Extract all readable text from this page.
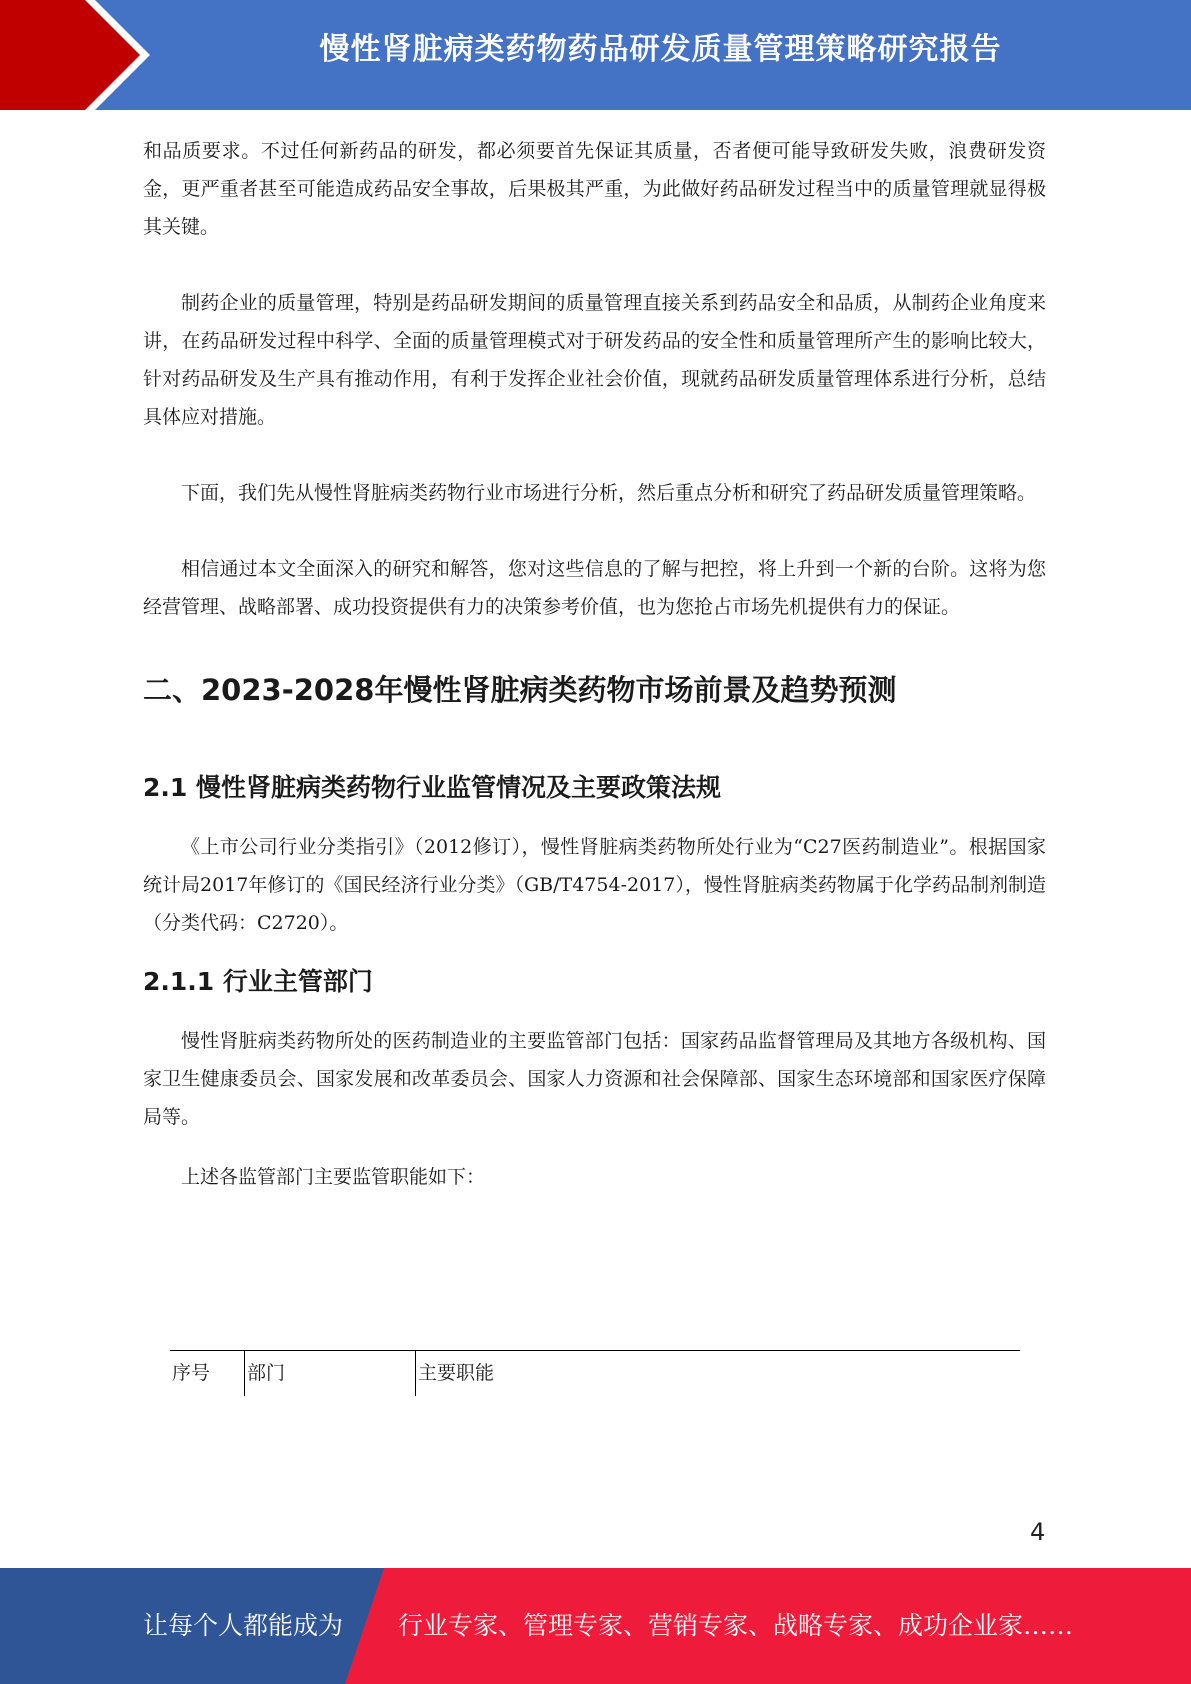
慢性肾脏病类药物药品研发质量管理策略研究报告

和品质要求。不过任何新药品的研发，都必须要首先保证其质量，否者便可能导致研发失败，浪费研发资金，更严重者甚至可能造成药品安全事故，后果极其严重，为此做好药品研发过程当中的质量管理就显得极其关键。

制药企业的质量管理，特别是药品研发期间的质量管理直接关系到药品安全和品质，从制药企业角度来讲，在药品研发过程中科学、全面的质量管理模式对于研发药品的安全性和质量管理所产生的影响比较大，针对药品研发及生产具有推动作用，有利于发挥企业社会价值，现就药品研发质量管理体系进行分析，总结具体应对措施。

下面，我们先从慢性肾脏病类药物行业市场进行分析，然后重点分析和研究了药品研发质量管理策略。

相信通过本文全面深入的研究和解答，您对这些信息的了解与把控，将上升到一个新的台阶。这将为您经营管理、战略部署、成功投资提供有力的决策参考价值，也为您抢占市场先机提供有力的保证。

二、2023-2028年慢性肾脏病类药物市场前景及趋势预测
2.1 慢性肾脏病类药物行业监管情况及主要政策法规

《上市公司行业分类指引》（2012修订），慢性肾脏病类药物所处行业为“C27医药制造业”。根据国家统计局2017年修订的《国民经济行业分类》（GB/T4754-2017），慢性肾脏病类药物属于化学药品制剂制造（分类代码：C2720）。

2.1.1 行业主管部门

慢性肾脏病类药物所处的医药制造业的主要监管部门包括：国家药品监督管理局及其地方各级机构、国家卫生健康委员会、国家发展和改革委员会、国家人力资源和社会保障部、国家生态环境部和国家医疗保障局等。

上述各监管部门主要监管职能如下：

序号	部门	主要职能
4
让每个人都能成为 行业专家、管理专家、营销专家、战略专家、成功企业家……
